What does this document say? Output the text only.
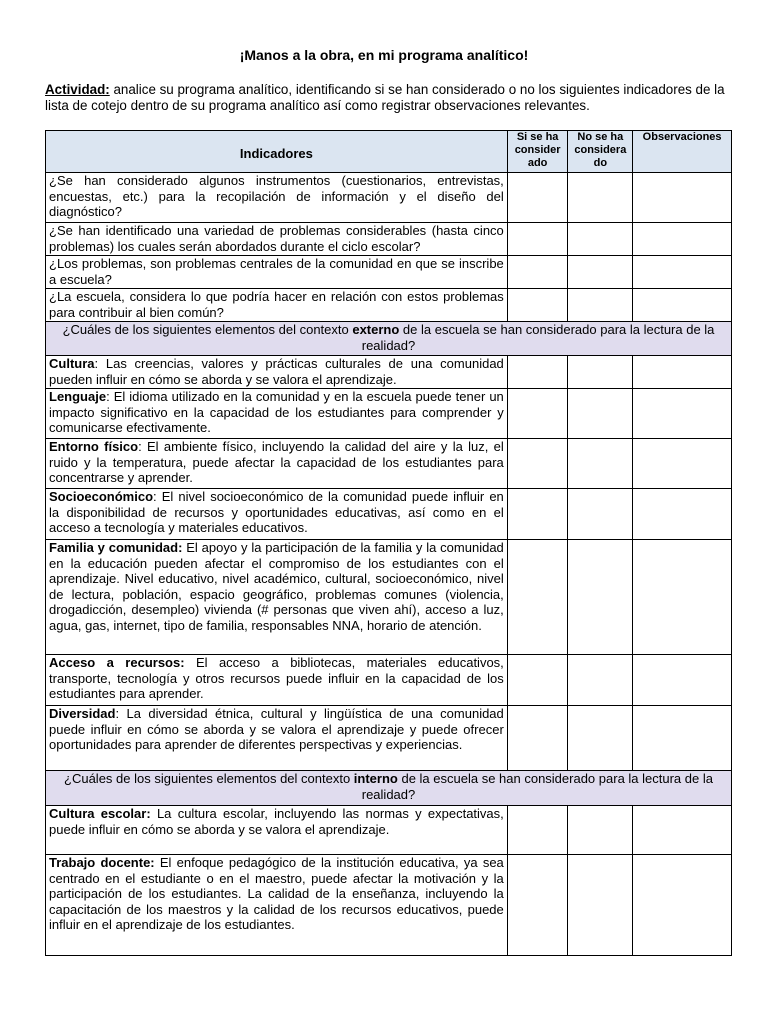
¡Manos a la obra, en mi programa analítico!
Actividad: analice su programa analítico, identificando si se han considerado o no los siguientes indicadores de la lista de cotejo dentro de su programa analítico así como registrar observaciones relevantes.
Indicadores	Si se ha consider ado	No se ha considera do	Observaciones
¿Se han considerado algunos instrumentos (cuestionarios, entrevistas, encuestas, etc.) para la recopilación de información y el diseño del diagnóstico?			
¿Se han identificado una variedad de problemas considerables (hasta cinco problemas) los cuales serán abordados durante el ciclo escolar?			
¿Los problemas, son problemas centrales de la comunidad en que se inscribe a escuela?			
¿La escuela, considera lo que podría hacer en relación con estos problemas para contribuir al bien común?			
¿Cuáles de los siguientes elementos del contexto externo de la escuela se han considerado para la lectura de la realidad?			
Cultura: Las creencias, valores y prácticas culturales de una comunidad pueden influir en cómo se aborda y se valora el aprendizaje.			
Lenguaje: El idioma utilizado en la comunidad y en la escuela puede tener un impacto significativo en la capacidad de los estudiantes para comprender y comunicarse efectivamente.			
Entorno físico: El ambiente físico, incluyendo la calidad del aire y la luz, el ruido y la temperatura, puede afectar la capacidad de los estudiantes para concentrarse y aprender.			
Socioeconómico: El nivel socioeconómico de la comunidad puede influir en la disponibilidad de recursos y oportunidades educativas, así como en el acceso a tecnología y materiales educativos.			
Familia y comunidad: El apoyo y la participación de la familia y la comunidad en la educación pueden afectar el compromiso de los estudiantes con el aprendizaje. Nivel educativo, nivel académico, cultural, socioeconómico, nivel de lectura, población, espacio geográfico, problemas comunes (violencia, drogadicción, desempleo) vivienda (# personas que viven ahí), acceso a luz, agua, gas, internet, tipo de familia, responsables NNA, horario de atención.			
Acceso a recursos: El acceso a bibliotecas, materiales educativos, transporte, tecnología y otros recursos puede influir en la capacidad de los estudiantes para aprender.			
Diversidad: La diversidad étnica, cultural y lingüística de una comunidad puede influir en cómo se aborda y se valora el aprendizaje y puede ofrecer oportunidades para aprender de diferentes perspectivas y experiencias.			
¿Cuáles de los siguientes elementos del contexto interno de la escuela se han considerado para la lectura de la realidad?			
Cultura escolar: La cultura escolar, incluyendo las normas y expectativas, puede influir en cómo se aborda y se valora el aprendizaje.			
Trabajo docente: El enfoque pedagógico de la institución educativa, ya sea centrado en el estudiante o en el maestro, puede afectar la motivación y la participación de los estudiantes. La calidad de la enseñanza, incluyendo la capacitación de los maestros y la calidad de los recursos educativos, puede influir en el aprendizaje de los estudiantes.			
